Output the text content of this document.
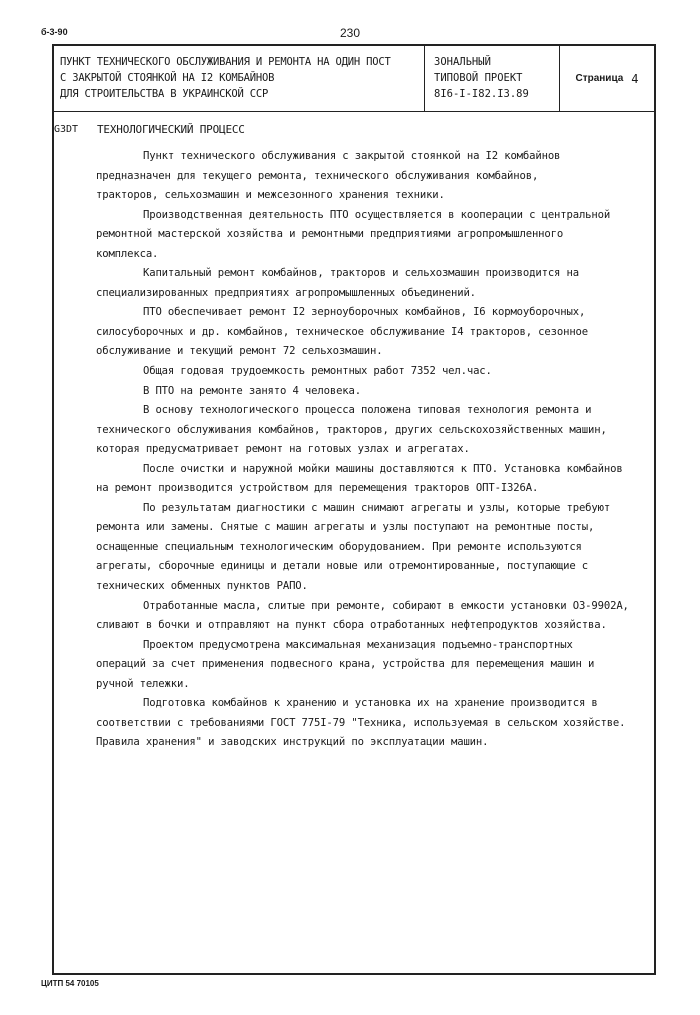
б-3-90	230
ПУНКТ ТЕХНИЧЕСКОГО ОБСЛУЖИВАНИЯ И РЕМОНТА НА ОДИН ПОСТ
С ЗАКРЫТОЙ СТОЯНКОЙ НА I2 КОМБАЙНОВ
ДЛЯ СТРОИТЕЛЬСТВА В УКРАИНСКОЙ ССР
ЗОНАЛЬНЫЙ
ТИПОВОЙ ПРОЕКТ
8I6-I-I82.I3.89
Страница 4
G3DT ТЕХНОЛОГИЧЕСКИЙ ПРОЦЕСС
Пункт технического обслуживания с закрытой стоянкой на I2 комбайнов
предназначен для текущего ремонта, технического обслуживания комбайнов,
тракторов, сельхозмашин и межсезонного хранения техники.
Производственная деятельность ПТО осуществляется в кооперации с центральной
ремонтной мастерской хозяйства и ремонтными предприятиями агропромышленного
комплекса.
Капитальный ремонт комбайнов, тракторов и сельхозмашин производится на
специализированных предприятиях агропромышленных объединений.
ПТО обеспечивает ремонт I2 зерноуборочных комбайнов, I6 кормоуборочных,
силосуборочных и др. комбайнов, техническое обслуживание I4 тракторов, сезонное
обслуживание и текущий ремонт 72 сельхозмашин.
Общая годовая трудоемкость ремонтных работ 7352 чел.час.
В ПТО на ремонте занято 4 человека.
В основу технологического процесса положена типовая технология ремонта и
технического обслуживания комбайнов, тракторов, других сельскохозяйственных машин,
которая предусматривает ремонт на готовых узлах и агрегатах.
После очистки и наружной мойки машины доставляются к ПТО. Установка комбайнов
на ремонт производится устройством для перемещения тракторов ОПТ-I326А.
По результатам диагностики с машин снимают агрегаты и узлы, которые требуют
ремонта или замены. Снятые с машин агрегаты и узлы поступают на ремонтные посты,
оснащенные специальным технологическим оборудованием. При ремонте используются
агрегаты, сборочные единицы и детали новые или отремонтированные, поступающие с
технических обменных пунктов РАПО.
Отработанные масла, слитые при ремонте, собирают в емкости установки ОЗ-9902А,
сливают в бочки и отправляют на пункт сбора отработанных нефтепродуктов хозяйства.
Проектом предусмотрена максимальная механизация подъемно-транспортных
операций за счет применения подвесного крана, устройства для перемещения машин и
ручной тележки.
Подготовка комбайнов к хранению и установка их на хранение производится в
соответствии с требованиями ГОСТ 775I-79 "Техника, используемая в сельском хозяйстве.
Правила хранения" и заводских инструкций по эксплуатации машин.
ЦИТП 54 70105
